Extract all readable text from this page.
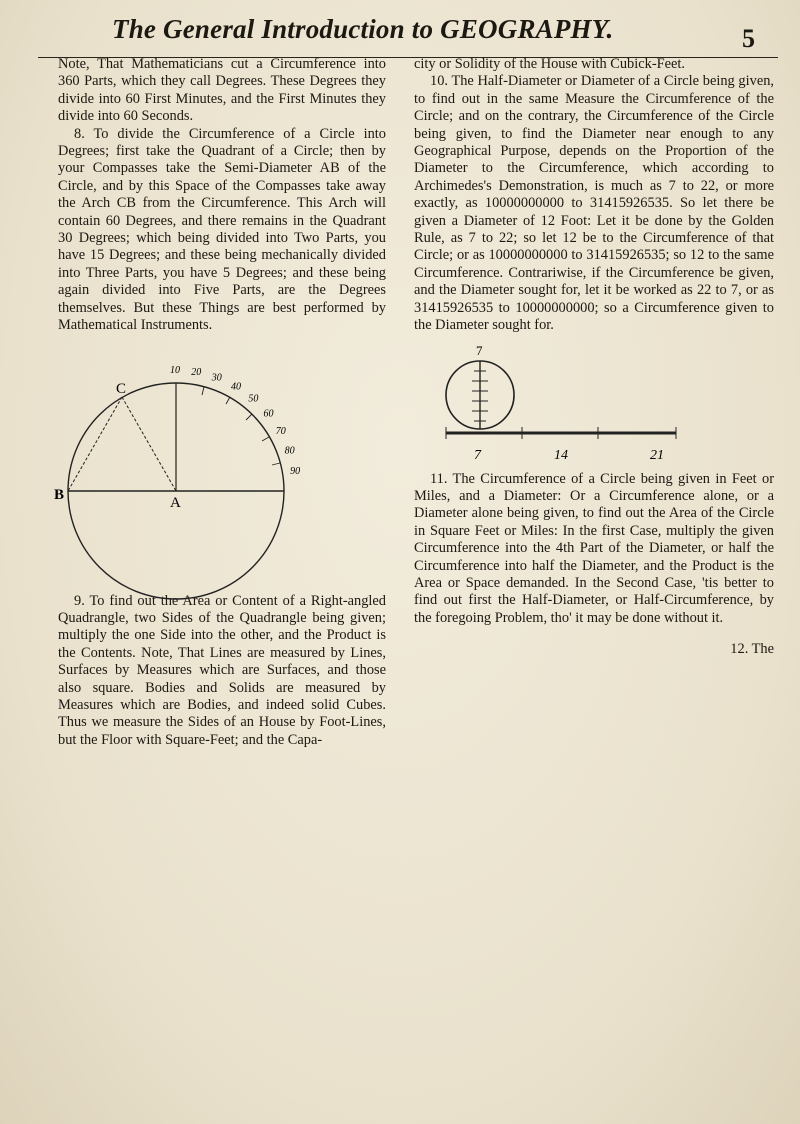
The General Introduction to GEOGRAPHY.	5

Note, That Mathematicians cut a Circumference into 360 Parts, which they call Degrees. These Degrees they divide into 60 First Minutes, and the First Minutes they divide into 60 Seconds.

8. To divide the Circumference of a Circle into Degrees; first take the Quadrant of a Circle; then by your Compasses take the Semi-Diameter AB of the Circle, and by this Space of the Compasses take away the Arch CB from the Circumference. This Arch will contain 60 Degrees, and there remains in the Quadrant 30 Degrees; which being divided into Two Parts, you have 15 Degrees; and these being mechanically divided into Three Parts, you have 5 Degrees; and these being again divided into Five Parts, are the Degrees themselves. But these Things are best performed by Mathematical Instruments.

C
B	A
10 20 30
40
50
60
70
80
90

9. To find out the Area or Content of a Right-angled Quadrangle, two Sides of the Quadrangle being given; multiply the one Side into the other, and the Product is the Contents. Note, That Lines are measured by Lines, Surfaces by Measures which are Surfaces, and those also square. Bodies and Solids are measured by Measures which are Bodies, and indeed solid Cubes. Thus we measure the Sides of an House by Foot-Lines, but the Floor with Square-Feet; and the Capa-

city or Solidity of the House with Cubick-Feet.

10. The Half-Diameter or Diameter of a Circle being given, to find out in the same Measure the Circumference of the Circle; and on the contrary, the Circumference of the Circle being given, to find the Diameter near enough to any Geographical Purpose, depends on the Proportion of the Diameter to the Circumference, which according to Archimedes's Demonstration, is much as 7 to 22, or more exactly, as 10000000000 to 31415926535. So let there be given a Diameter of 12 Foot: Let it be done by the Golden Rule, as 7 to 22; so let 12 be to the Circumference of that Circle; or as 10000000000 to 31415926535; so 12 to the same Circumference. Contrariwise, if the Circumference be given, and the Diameter sought for, let it be worked as 22 to 7, or as 31415926535 to 10000000000; so a Circumference given to the Diameter sought for.

7
7	14	21

11. The Circumference of a Circle being given in Feet or Miles, and a Diameter: Or a Circumference alone, or a Diameter alone being given, to find out the Area of the Circle in Square Feet or Miles: In the first Case, multiply the given Circumference into the 4th Part of the Diameter, or half the Circumference into half the Diameter, and the Product is the Area or Space demanded. In the Second Case, 'tis better to find out first the Half-Diameter, or Half-Circumference, by the foregoing Problem, tho' it may be done without it.

12. The
